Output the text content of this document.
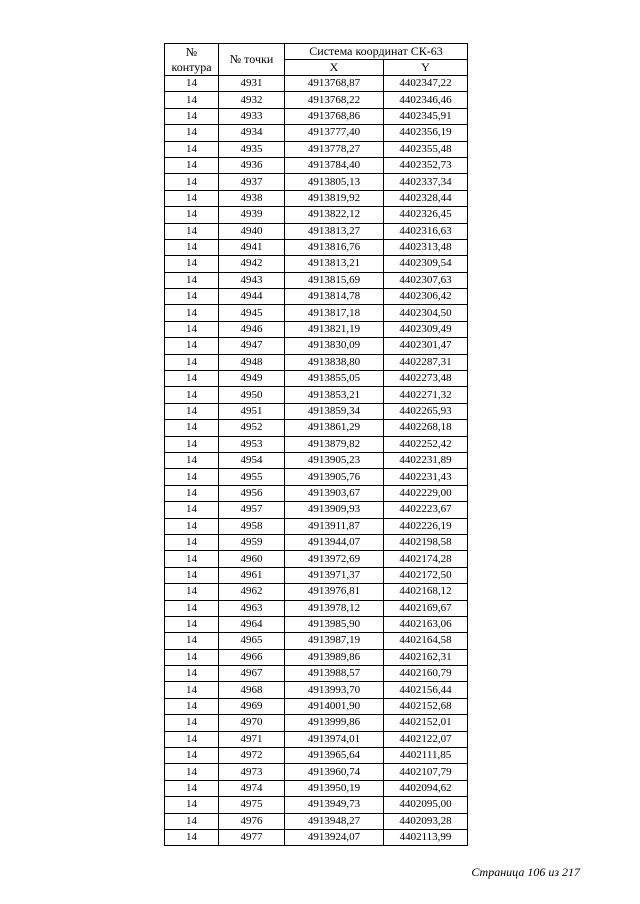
№ контура	№ точки	Система координат СК-63	
		X	Y
14	4931	4913768,87	4402347,22
14	4932	4913768,22	4402346,46
14	4933	4913768,86	4402345,91
14	4934	4913777,40	4402356,19
14	4935	4913778,27	4402355,48
14	4936	4913784,40	4402352,73
14	4937	4913805,13	4402337,34
14	4938	4913819,92	4402328,44
14	4939	4913822,12	4402326,45
14	4940	4913813,27	4402316,63
14	4941	4913816,76	4402313,48
14	4942	4913813,21	4402309,54
14	4943	4913815,69	4402307,63
14	4944	4913814,78	4402306,42
14	4945	4913817,18	4402304,50
14	4946	4913821,19	4402309,49
14	4947	4913830,09	4402301,47
14	4948	4913838,80	4402287,31
14	4949	4913855,05	4402273,48
14	4950	4913853,21	4402271,32
14	4951	4913859,34	4402265,93
14	4952	4913861,29	4402268,18
14	4953	4913879,82	4402252,42
14	4954	4913905,23	4402231,89
14	4955	4913905,76	4402231,43
14	4956	4913903,67	4402229,00
14	4957	4913909,93	4402223,67
14	4958	4913911,87	4402226,19
14	4959	4913944,07	4402198,58
14	4960	4913972,69	4402174,28
14	4961	4913971,37	4402172,50
14	4962	4913976,81	4402168,12
14	4963	4913978,12	4402169,67
14	4964	4913985,90	4402163,06
14	4965	4913987,19	4402164,58
14	4966	4913989,86	4402162,31
14	4967	4913988,57	4402160,79
14	4968	4913993,70	4402156,44
14	4969	4914001,90	4402152,68
14	4970	4913999,86	4402152,01
14	4971	4913974,01	4402122,07
14	4972	4913965,64	4402111,85
14	4973	4913960,74	4402107,79
14	4974	4913950,19	4402094,62
14	4975	4913949,73	4402095,00
14	4976	4913948,27	4402093,28
14	4977	4913924,07	4402113,99
Страница 106 из 217
